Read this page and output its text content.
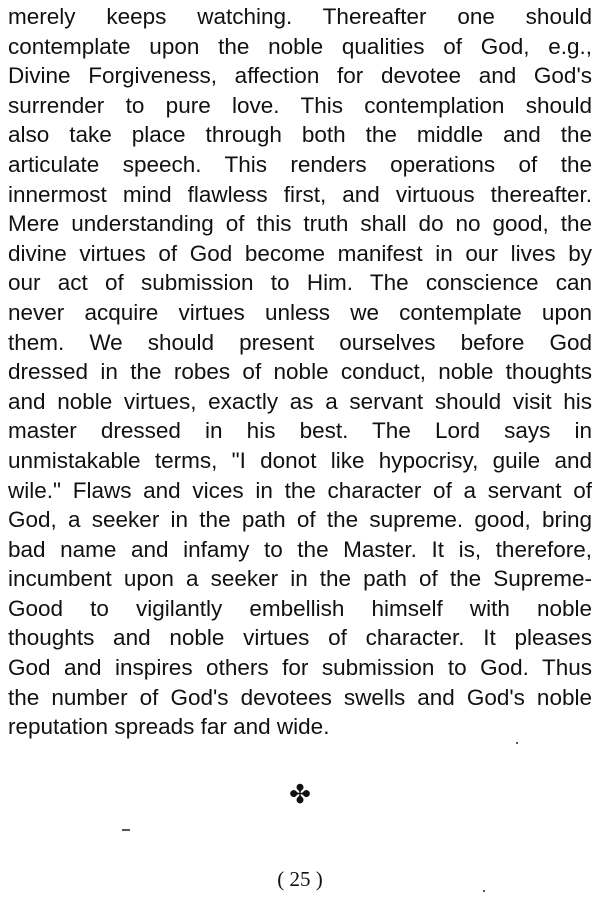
merely keeps watching. Thereafter one should
contemplate upon the noble qualities of God, e.g.,
Divine Forgiveness, affection for devotee and God's
surrender to pure love. This contemplation should
also take place through both the middle and the
articulate speech. This renders operations of the
innermost mind flawless first, and virtuous thereafter.
Mere understanding of this truth shall do no good, the
divine virtues of God become manifest in our lives by
our act of submission to Him. The conscience can
never acquire virtues unless we contemplate upon
them. We should present ourselves before God
dressed in the robes of noble conduct, noble thoughts
and noble virtues, exactly as a servant should visit his
master dressed in his best. The Lord says in
unmistakable terms, "I donot like hypocrisy, guile and
wile." Flaws and vices in the character of a servant of
God, a seeker in the path of the supreme. good, bring
bad name and infamy to the Master. It is, therefore,
incumbent upon a seeker in the path of the Supreme-
Good to vigilantly embellish himself with noble
thoughts and noble virtues of character. It pleases
God and inspires others for submission to God. Thus
the number of God's devotees swells and God's noble
reputation spreads far and wide.

✤
( 25 )
